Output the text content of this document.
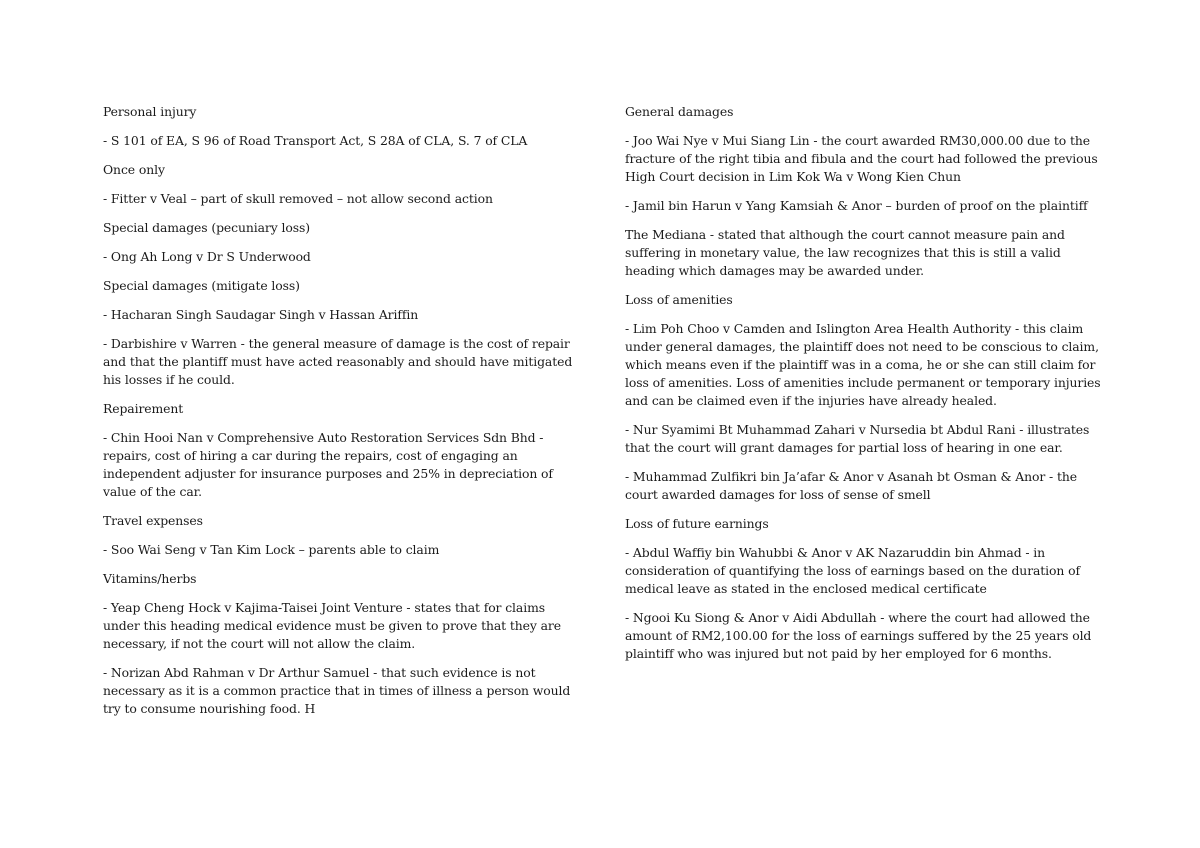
Personal injury

- S 101 of EA, S 96 of Road Transport Act, S 28A of CLA, S. 7 of CLA

Once only

- Fitter v Veal – part of skull removed – not allow second action

Special damages (pecuniary loss)

- Ong Ah Long v Dr S Underwood

Special damages (mitigate loss)

- Hacharan Singh Saudagar Singh v Hassan Ariffin

- Darbishire v Warren - the general measure of damage is the cost of repair and that the plantiff must have acted reasonably and should have mitigated his losses if he could.

Repairement

- Chin Hooi Nan v Comprehensive Auto Restoration Services Sdn Bhd - repairs, cost of hiring a car during the repairs, cost of engaging an independent adjuster for insurance purposes and 25% in depreciation of value of the car.

Travel expenses

- Soo Wai Seng v Tan Kim Lock – parents able to claim

Vitamins/herbs

- Yeap Cheng Hock v Kajima-Taisei Joint Venture - states that for claims under this heading medical evidence must be given to prove that they are necessary, if not the court will not allow the claim.

- Norizan Abd Rahman v Dr Arthur Samuel - that such evidence is not necessary as it is a common practice that in times of illness a person would try to consume nourishing food. H

General damages

- Joo Wai Nye v Mui Siang Lin - the court awarded RM30,000.00 due to the fracture of the right tibia and fibula and the court had followed the previous High Court decision in Lim Kok Wa v Wong Kien Chun

- Jamil bin Harun v Yang Kamsiah & Anor – burden of proof on the plaintiff

The Mediana - stated that although the court cannot measure pain and suffering in monetary value, the law recognizes that this is still a valid heading which damages may be awarded under.

Loss of amenities

- Lim Poh Choo v Camden and Islington Area Health Authority - this claim under general damages, the plaintiff does not need to be conscious to claim, which means even if the plaintiff was in a coma, he or she can still claim for loss of amenities. Loss of amenities include permanent or temporary injuries and can be claimed even if the injuries have already healed.

- Nur Syamimi Bt Muhammad Zahari v Nursedia bt Abdul Rani - illustrates that the court will grant damages for partial loss of hearing in one ear.

- Muhammad Zulfikri bin Ja’afar & Anor v Asanah bt Osman & Anor - the court awarded damages for loss of sense of smell

Loss of future earnings

- Abdul Waffiy bin Wahubbi & Anor v AK Nazaruddin bin Ahmad - in consideration of quantifying the loss of earnings based on the duration of medical leave as stated in the enclosed medical certificate

- Ngooi Ku Siong & Anor v Aidi Abdullah - where the court had allowed the amount of RM2,100.00 for the loss of earnings suffered by the 25 years old plaintiff who was injured but not paid by her employed for 6 months.
